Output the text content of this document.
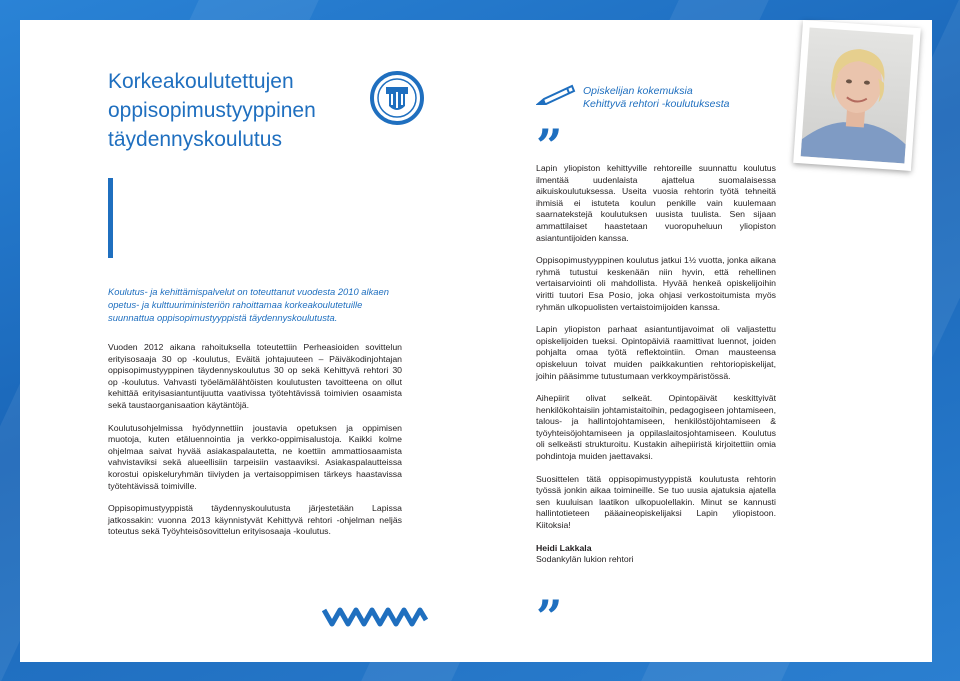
Korkeakoulutettujen
oppisopimustyyppinen
täydennyskoulutus
Opiskelijan kokemuksia
Kehittyvä rehtori -koulutuksesta
”

Koulutus- ja kehittämispalvelut on toteuttanut vuodesta 2010 alkaen opetus- ja kulttuuriministeriön rahoittamaa korkeakoulutetuille suunnattua oppisopimustyyppistä täydennyskoulutusta.

Vuoden 2012 aikana rahoituksella toteutettiin Perheasioiden sovittelun erityisosaaja 30 op -koulutus, Eväitä johtajuuteen – Päiväkodinjohtajan oppisopimustyyppinen täydennyskoulutus 30 op sekä Kehittyvä rehtori 30 op -koulutus. Vahvasti työelämälähtöisten koulutusten tavoitteena on ollut kehittää erityisasiantuntijuutta vaativissa työtehtävissä toimivien osaamista sekä taustaorganisaation käytäntöjä.

Koulutusohjelmissa hyödynnettiin joustavia opetuksen ja oppimisen muotoja, kuten etäluennointia ja verkko-oppimisalustoja. Kaikki kolme ohjelmaa saivat hyvää asiakaspalautetta, ne koettiin ammattiosaamista vahvistaviksi sekä alueellisiin tarpeisiin vastaaviksi. Asiakaspalautteissa korostui opiskeluryhmän tiiviyden ja vertaisoppimisen tärkeys haastavissa työtehtävissä toimiville.

Oppisopimustyyppistä täydennyskoulutusta järjestetään Lapissa jatkossakin: vuonna 2013 käynnistyvät Kehittyvä rehtori -ohjelman neljäs toteutus sekä Työyhteisösovittelun erityisosaaja -koulutus.

Lapin yliopiston kehittyville rehtoreille suunnattu koulutus ilmentää uudenlaista ajattelua suomalaisessa aikuiskoulutuksessa. Useita vuosia rehtorin työtä tehneitä ihmisiä ei istuteta koulun penkille vain kuulemaan saarnatekstejä koulutuksen uusista tuulista. Sen sijaan ammattilaiset haastetaan vuoropuheluun yliopiston asiantuntijoiden kanssa.

Oppisopimustyyppinen koulutus jatkui 1½ vuotta, jonka aikana ryhmä tutustui keskenään niin hyvin, että rehellinen vertaisarviointi oli mahdollista. Hyvää henkeä opiskelijoihin viritti tuutori Esa Posio, joka ohjasi verkostoitumista myös ryhmän ulkopuolisten vertaistoimijoiden kanssa.

Lapin yliopiston parhaat asiantuntijavoimat oli valjastettu opiskelijoiden tueksi. Opintopäiviä raamittivat luennot, joiden pohjalta omaa työtä reflektointiin. Oman mausteensa opiskeluun toivat muiden paikkakuntien rehtoriopiskelijat, joihin pääsimme tutustumaan verkkoympäristössä.

Aihepiirit olivat selkeät. Opintopäivät keskittyivät henkilökohtaisiin johtamistaitoihin, pedagogiseen johtamiseen, talous- ja hallintojohtamiseen, henkilöstöjohtamiseen & työyhteisöjohtamiseen ja oppilaslaitosjohtamiseen. Koulutus oli selkeästi strukturoitu. Kustakin aihepiiristä kirjoitettiin omia pohdintoja muiden jaettavaksi.

Suosittelen tätä oppisopimustyyppistä koulutusta rehtorin työssä jonkin aikaa toimineille. Se tuo uusia ajatuksia ajatella sen kuuluisan laatikon ulkopuolellakin. Minut se kannusti hallintotieteen pääaineopiskelijaksi Lapin yliopistoon. Kiitoksia!

Heidi Lakkala
Sodankylän lukion rehtori
”
